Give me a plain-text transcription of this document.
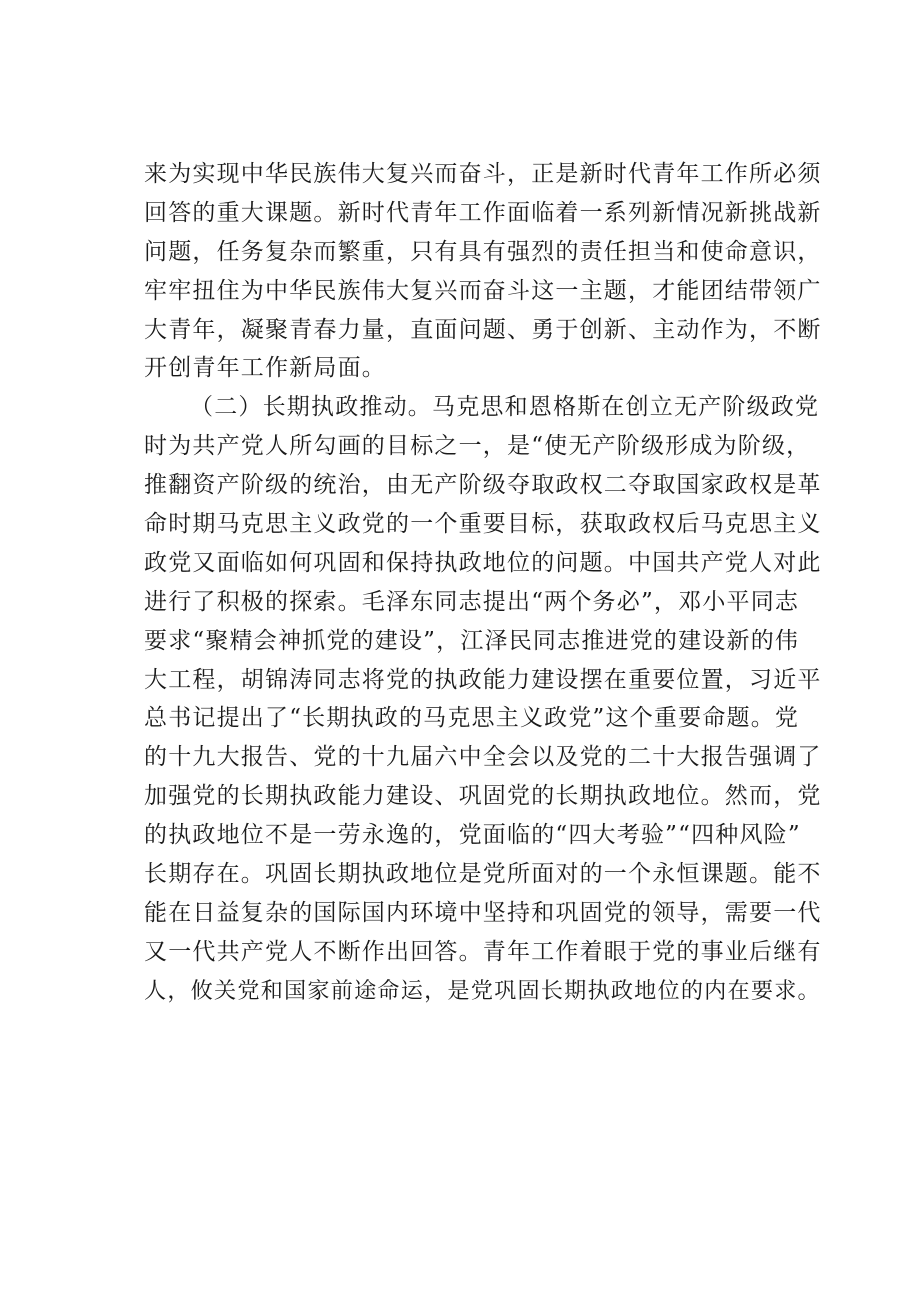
来为实现中华民族伟大复兴而奋斗，正是新时代青年工作所必须
回答的重大课题。新时代青年工作面临着一系列新情况新挑战新
问题，任务复杂而繁重，只有具有强烈的责任担当和使命意识，
牢牢扭住为中华民族伟大复兴而奋斗这一主题，才能团结带领广
大青年，凝聚青春力量，直面问题、勇于创新、主动作为，不断
开创青年工作新局面。
（二）长期执政推动。马克思和恩格斯在创立无产阶级政党
时为共产党人所勾画的目标之一，是“使无产阶级形成为阶级，
推翻资产阶级的统治，由无产阶级夺取政权二夺取国家政权是革
命时期马克思主义政党的一个重要目标，获取政权后马克思主义
政党又面临如何巩固和保持执政地位的问题。中国共产党人对此
进行了积极的探索。毛泽东同志提出“两个务必”，邓小平同志
要求“聚精会神抓党的建设”，江泽民同志推进党的建设新的伟
大工程，胡锦涛同志将党的执政能力建设摆在重要位置，习近平
总书记提出了“长期执政的马克思主义政党”这个重要命题。党
的十九大报告、党的十九届六中全会以及党的二十大报告强调了
加强党的长期执政能力建设、巩固党的长期执政地位。然而，党
的执政地位不是一劳永逸的，党面临的“四大考验”“四种风险”
长期存在。巩固长期执政地位是党所面对的一个永恒课题。能不
能在日益复杂的国际国内环境中坚持和巩固党的领导，需要一代
又一代共产党人不断作出回答。青年工作着眼于党的事业后继有
人，攸关党和国家前途命运，是党巩固长期执政地位的内在要求。
